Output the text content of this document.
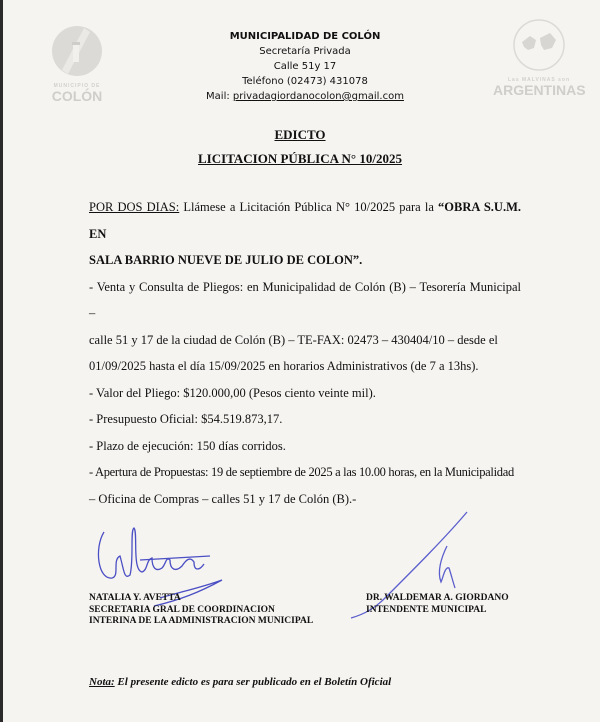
MUNICIPIO DE
COLÓN
Las MALVINAS son
ARGENTINAS
MUNICIPALIDAD DE COLÓN
Secretaría Privada
Calle 51y 17
Teléfono (02473) 431078
Mail: privadagiordanocolon@gmail.com
EDICTO
LICITACION PÚBLICA N° 10/2025

POR DOS DIAS: Llámese a Licitación Pública N° 10/2025 para la “OBRA S.U.M. EN

SALA BARRIO NUEVE DE JULIO DE COLON”.

- Venta y Consulta de Pliegos: en Municipalidad de Colón (B) – Tesorería Municipal –

calle 51 y 17 de la ciudad de Colón (B) – TE-FAX: 02473 – 430404/10 – desde el

01/09/2025 hasta el día 15/09/2025 en horarios Administrativos (de 7 a 13hs).

- Valor del Pliego: $120.000,00 (Pesos ciento veinte mil).

- Presupuesto Oficial: $54.519.873,17.

- Plazo de ejecución: 150 días corridos.

- Apertura de Propuestas: 19 de septiembre de 2025 a las 10.00 horas, en la Municipalidad

– Oficina de Compras – calles 51 y 17 de Colón (B).-

NATALIA Y. AVETTA
SECRETARIA GRAL DE COORDINACION
INTERINA DE LA ADMINISTRACION MUNICIPAL
DR. WALDEMAR A. GIORDANO
INTENDENTE MUNICIPAL
Nota: El presente edicto es para ser publicado en el Boletín Oficial
